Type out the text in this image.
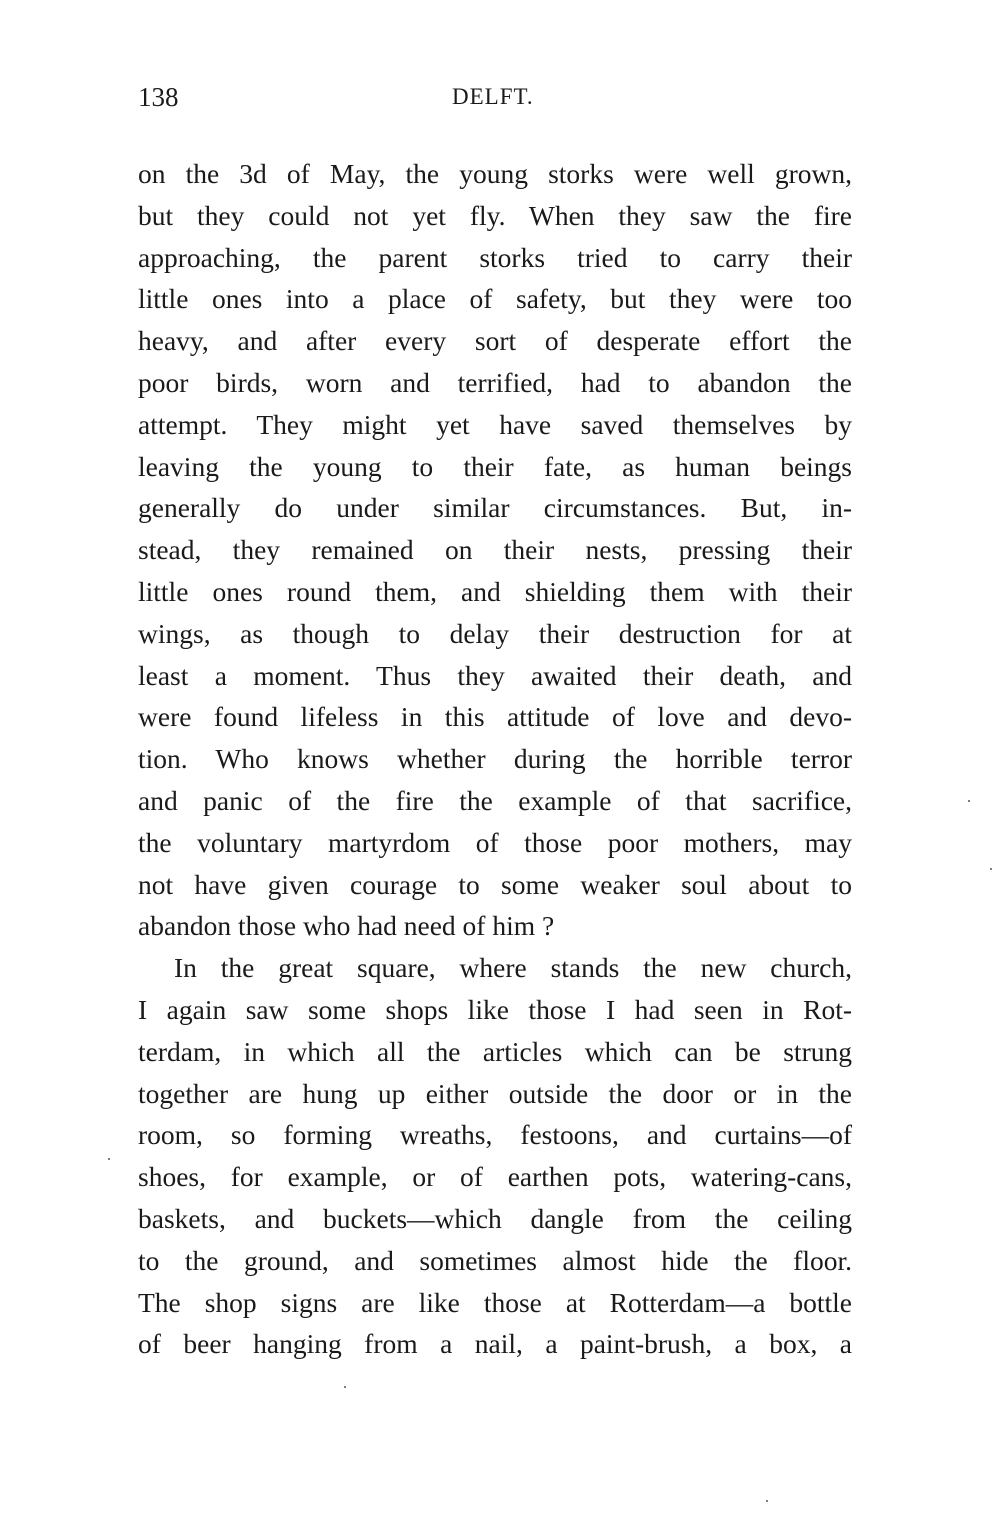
138	DELFT.
on the 3d of May, the young storks were well grown,
but they could not yet fly. When they saw the fire
approaching, the parent storks tried to carry their
little ones into a place of safety, but they were too
heavy, and after every sort of desperate effort the
poor birds, worn and terrified, had to abandon the
attempt. They might yet have saved themselves by
leaving the young to their fate, as human beings
generally do under similar circumstances. But, in-
stead, they remained on their nests, pressing their
little ones round them, and shielding them with their
wings, as though to delay their destruction for at
least a moment. Thus they awaited their death, and
were found lifeless in this attitude of love and devo-
tion. Who knows whether during the horrible terror
and panic of the fire the example of that sacrifice,
the voluntary martyrdom of those poor mothers, may
not have given courage to some weaker soul about to
abandon those who had need of him ?
In the great square, where stands the new church,
I again saw some shops like those I had seen in Rot-
terdam, in which all the articles which can be strung
together are hung up either outside the door or in the
room, so forming wreaths, festoons, and curtains—of
shoes, for example, or of earthen pots, watering-cans,
baskets, and buckets—which dangle from the ceiling
to the ground, and sometimes almost hide the floor.
The shop signs are like those at Rotterdam—a bottle
of beer hanging from a nail, a paint-brush, a box, a
